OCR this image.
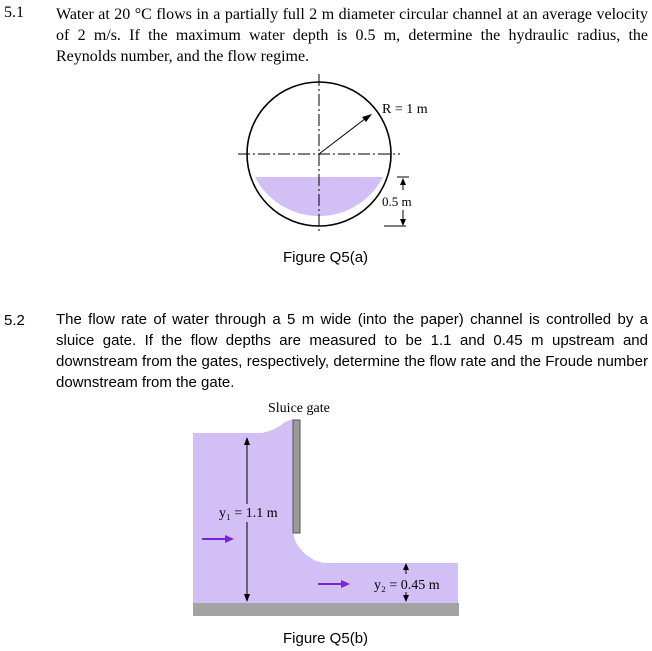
5.1 Water at 20 °C flows in a partially full 2 m diameter circular channel at an average velocity of 2 m/s. If the maximum water depth is 0.5 m, determine the hydraulic radius, the Reynolds number, and the flow regime.
R = 1 m
0.5 m
Figure Q5(a)
5.2 The flow rate of water through a 5 m wide (into the paper) channel is controlled by a sluice gate. If the flow depths are measured to be 1.1 and 0.45 m upstream and downstream from the gates, respectively, determine the flow rate and the Froude number downstream from the gate.
Sluice gate
y₁ = 1.1 m
y₂ = 0.45 m
Figure Q5(b)
